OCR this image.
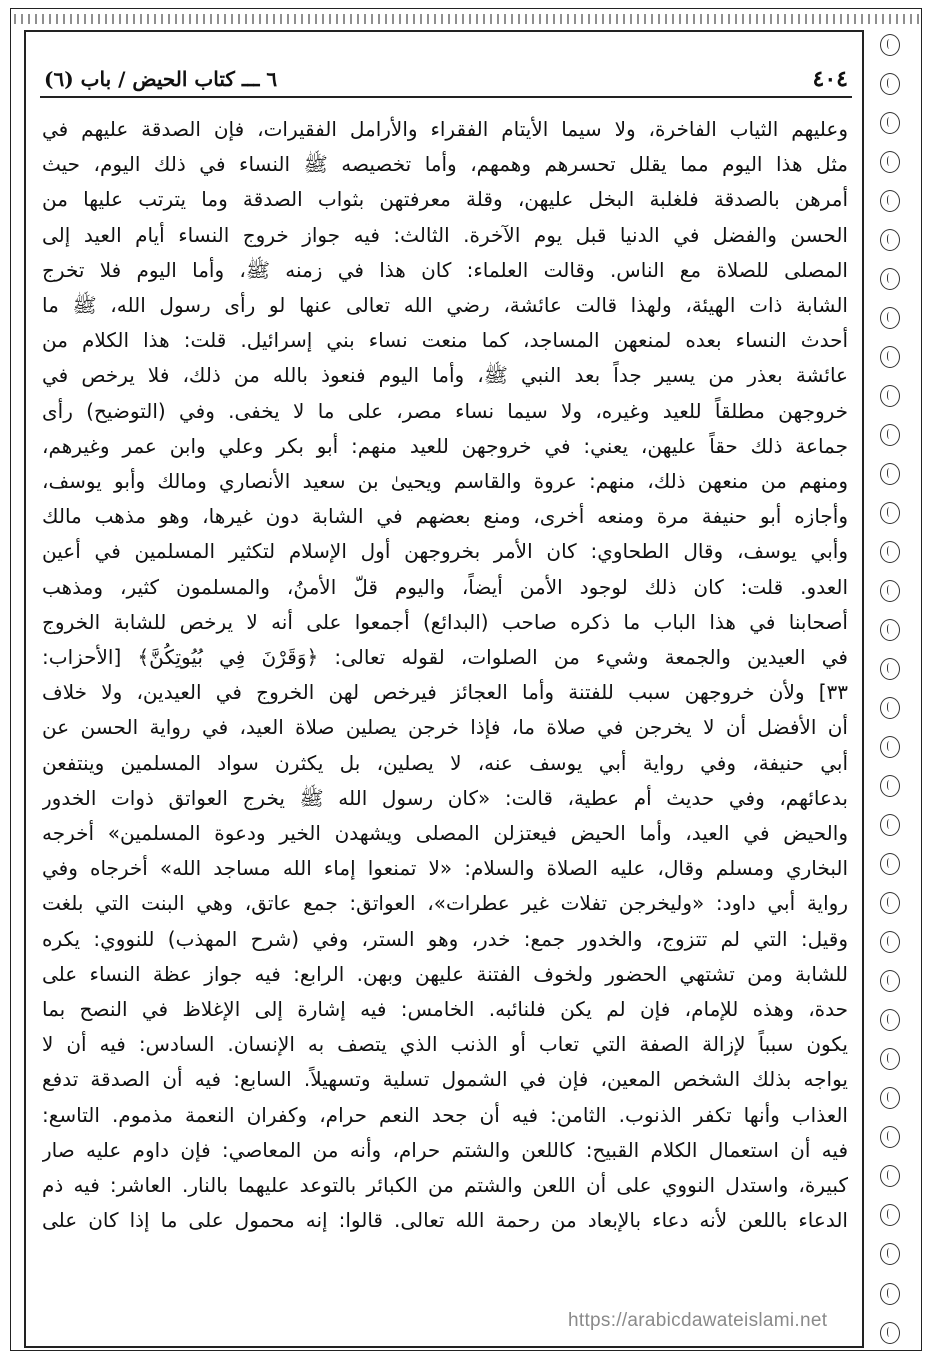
٤٠٤
٦ ـــ كتاب الحيض / باب (٦)

وعليهم الثياب الفاخرة، ولا سيما الأيتام الفقراء والأرامل الفقيرات، فإن الصدقة عليهم في

مثل هذا اليوم مما يقلل تحسرهم وهمهم، وأما تخصيصه ﷺ النساء في ذلك اليوم، حيث

أمرهن بالصدقة فلغلبة البخل عليهن، وقلة معرفتهن بثواب الصدقة وما يترتب عليها من

الحسن والفضل في الدنيا قبل يوم الآخرة. الثالث: فيه جواز خروج النساء أيام العيد إلى

المصلى للصلاة مع الناس. وقالت العلماء: كان هذا في زمنه ﷺ، وأما اليوم فلا تخرج

الشابة ذات الهيئة، ولهذا قالت عائشة، رضي الله تعالى عنها لو رأى رسول الله، ﷺ ما

أحدث النساء بعده لمنعهن المساجد، كما منعت نساء بني إسرائيل. قلت: هذا الكلام من

عائشة بعذر من يسير جداً بعد النبي ﷺ، وأما اليوم فنعوذ بالله من ذلك، فلا يرخص في

خروجهن مطلقاً للعيد وغيره، ولا سيما نساء مصر، على ما لا يخفى. وفي (التوضيح) رأى

جماعة ذلك حقاً عليهن، يعني: في خروجهن للعيد منهم: أبو بكر وعلي وابن عمر وغيرهم،

ومنهم من منعهن ذلك، منهم: عروة والقاسم ويحيىٰ بن سعيد الأنصاري ومالك وأبو يوسف،

وأجازه أبو حنيفة مرة ومنعه أخرى، ومنع بعضهم في الشابة دون غيرها، وهو مذهب مالك

وأبي يوسف، وقال الطحاوي: كان الأمر بخروجهن أول الإسلام لتكثير المسلمين في أعين

العدو. قلت: كان ذلك لوجود الأمن أيضاً، واليوم قلّ الأمنُ، والمسلمون كثير، ومذهب

أصحابنا في هذا الباب ما ذكره صاحب (البدائع) أجمعوا على أنه لا يرخص للشابة الخروج

في العيدين والجمعة وشيء من الصلوات، لقوله تعالى: ﴿وَقَرْنَ فِي بُيُوتِكُنَّ﴾ [الأحزاب:

٣٣] ولأن خروجهن سبب للفتنة وأما العجائز فيرخص لهن الخروج في العيدين، ولا خلاف

أن الأفضل أن لا يخرجن في صلاة ما، فإذا خرجن يصلين صلاة العيد، في رواية الحسن عن

أبي حنيفة، وفي رواية أبي يوسف عنه، لا يصلين، بل يكثرن سواد المسلمين وينتفعن

بدعائهم، وفي حديث أم عطية، قالت: «كان رسول الله ﷺ يخرج العواتق ذوات الخدور

والحيض في العيد، وأما الحيض فيعتزلن المصلى ويشهدن الخير ودعوة المسلمين» أخرجه

البخاري ومسلم وقال، عليه الصلاة والسلام: «لا تمنعوا إماء الله مساجد الله» أخرجاه وفي

رواية أبي داود: «وليخرجن تفلات غير عطرات»، العواتق: جمع عاتق، وهي البنت التي بلغت

وقيل: التي لم تتزوج، والخدور جمع: خدر، وهو الستر، وفي (شرح المهذب) للنووي: يكره

للشابة ومن تشتهي الحضور ولخوف الفتنة عليهن وبهن. الرابع: فيه جواز عظة النساء على

حدة، وهذه للإمام، فإن لم يكن فلنائبه. الخامس: فيه إشارة إلى الإغلاظ في النصح بما

يكون سبباً لإزالة الصفة التي تعاب أو الذنب الذي يتصف به الإنسان. السادس: فيه أن لا

يواجه بذلك الشخص المعين، فإن في الشمول تسلية وتسهيلاً. السابع: فيه أن الصدقة تدفع

العذاب وأنها تكفر الذنوب. الثامن: فيه أن جحد النعم حرام، وكفران النعمة مذموم. التاسع:

فيه أن استعمال الكلام القبيح: كاللعن والشتم حرام، وأنه من المعاصي: فإن داوم عليه صار

كبيرة، واستدل النووي على أن اللعن والشتم من الكبائر بالتوعد عليهما بالنار. العاشر: فيه ذم

الدعاء باللعن لأنه دعاء بالإبعاد من رحمة الله تعالى. قالوا: إنه محمول على ما إذا كان على

https://arabicdawateislami.net
